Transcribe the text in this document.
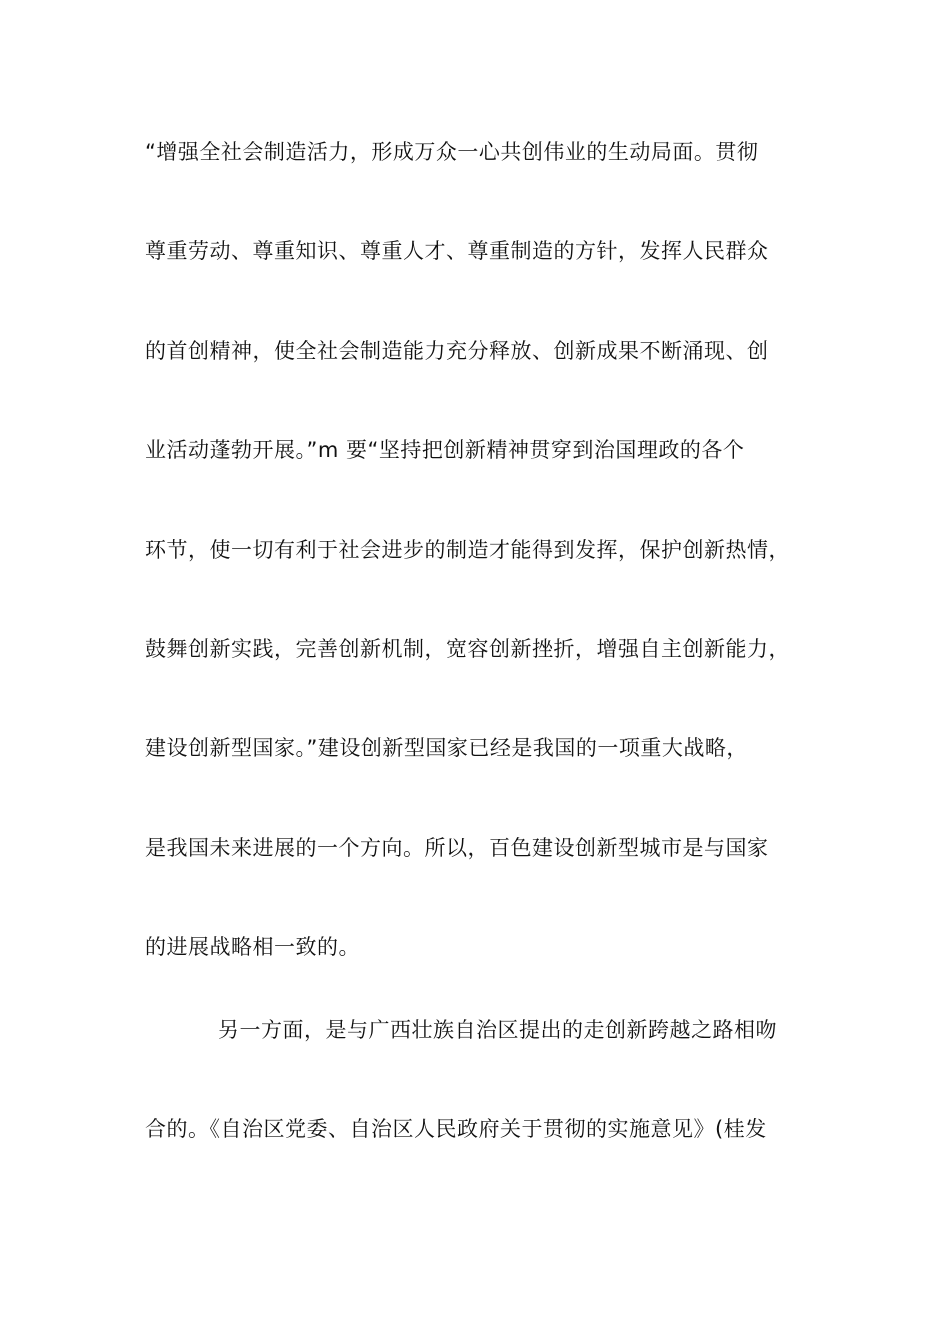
“增强全社会制造活力，形成万众一心共创伟业的生动局面。贯彻
尊重劳动、尊重知识、尊重人才、尊重制造的方针，发挥人民群众
的首创精神，使全社会制造能力充分释放、创新成果不断涌现、创
业活动蓬勃开展。”m 要“坚持把创新精神贯穿到治国理政的各个
环节，使一切有利于社会进步的制造才能得到发挥，保护创新热情，
鼓舞创新实践，完善创新机制，宽容创新挫折，增强自主创新能力，
建设创新型国家。”建设创新型国家已经是我国的一项重大战略，
是我国未来进展的一个方向。所以，百色建设创新型城市是与国家
的进展战略相一致的。
另一方面，是与广西壮族自治区提出的走创新跨越之路相吻
合的。《自治区党委、自治区人民政府关于贯彻的实施意见》(桂发
